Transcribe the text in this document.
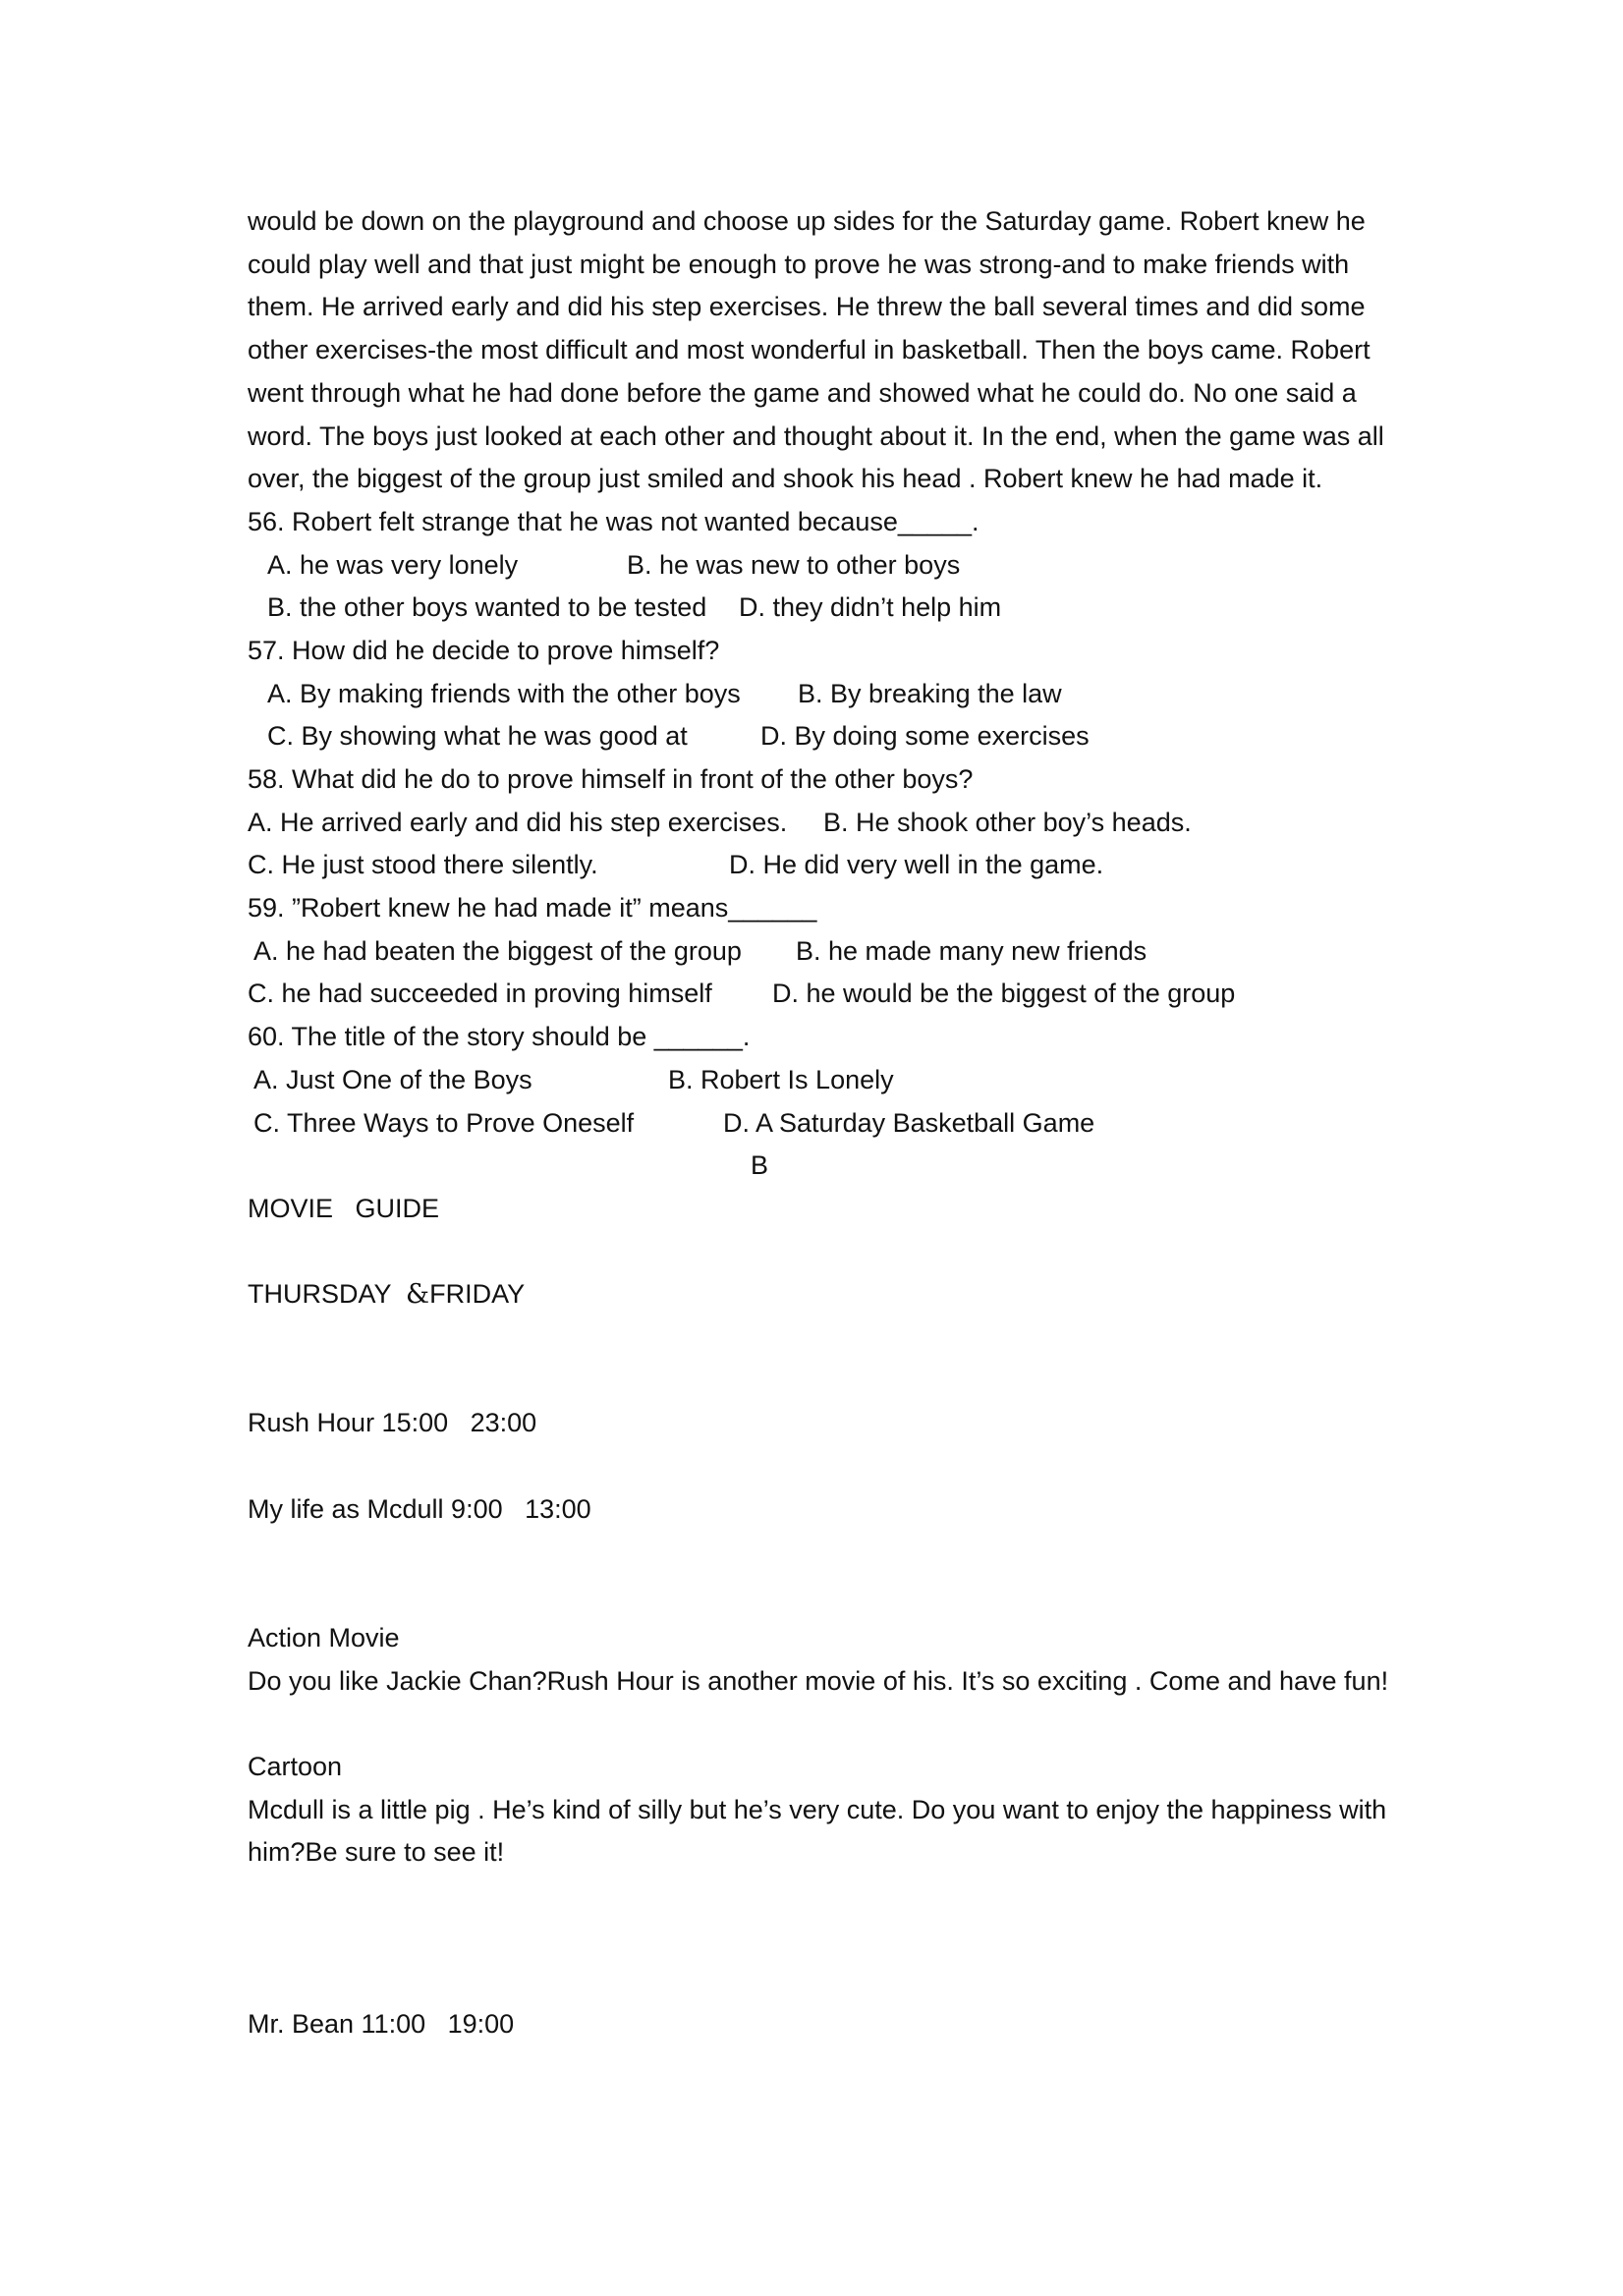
would be down on the playground and choose up sides for the Saturday game. Robert knew he

could play well and that just might be enough to prove he was strong-and to make friends with

them. He arrived early and did his step exercises. He threw the ball several times and did some

other exercises-the most difficult and most wonderful in basketball. Then the boys came. Robert

went through what he had done before the game and showed what he could do. No one said a

word. The boys just looked at each other and thought about it. In the end, when the game was all

over, the biggest of the group just smiled and shook his head . Robert knew he had made it.

56. Robert felt strange that he was not wanted because_____.

A. he was very lonely

	B. he was new to other boys

B. the other boys wanted to be tested

D. they didn’t help him

57. How did he decide to prove himself?

A. By making friends with the other boys

B. By breaking the law

C. By showing what he was good at

	D. By doing some exercises

58. What did he do to prove himself in front of the other boys?

A. He arrived early and did his step exercises.

B. He shook other boy’s heads.

C. He just stood there silently.

	D. He did very well in the game.

59. ”Robert knew he had made it” means______

A. he had beaten the biggest of the group

B. he made many new friends

C. he had succeeded in proving himself

D. he would be the biggest of the group

60. The title of the story should be ______.

A. Just One of the Boys

	B. Robert Is Lonely

C. Three Ways to Prove Oneself

	D. A Saturday Basketball Game

B
MOVIE   GUIDE
THURSDAY  &FRIDAY
Rush Hour 15:00   23:00
My life as Mcdull 9:00   13:00
Action Movie
Do you like Jackie Chan?Rush Hour is another movie of his. It’s so exciting . Come and have fun!
Cartoon
Mcdull is a little pig . He’s kind of silly but he’s very cute. Do you want to enjoy the happiness with
him?Be sure to see it!
Mr. Bean 11:00   19:00
